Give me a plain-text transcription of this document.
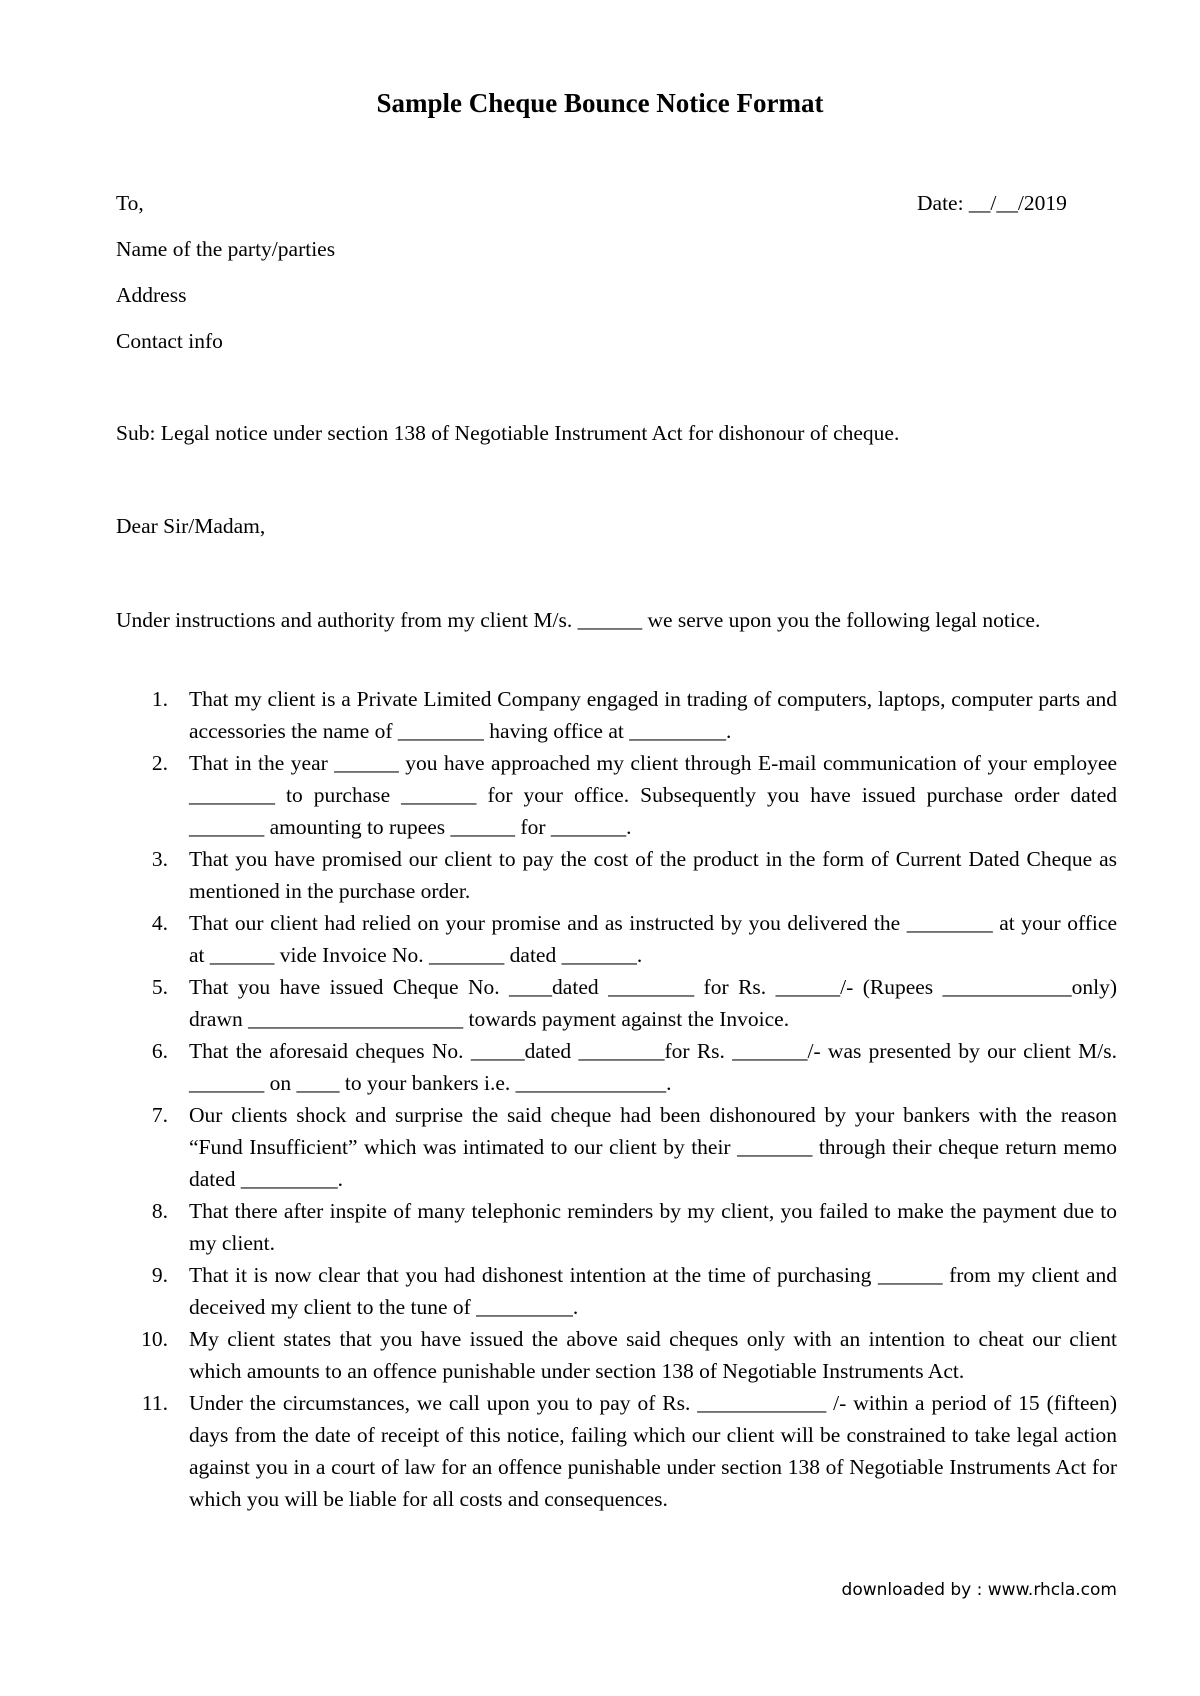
Sample Cheque Bounce Notice Format
To,	Date: __/__/2019
Name of the party/parties
Address
Contact info
Sub: Legal notice under section 138 of Negotiable Instrument Act for dishonour of cheque.
Dear Sir/Madam,
Under instructions and authority from my client M/s. ______ we serve upon you the following legal notice.
1. That my client is a Private Limited Company engaged in trading of computers, laptops, computer parts and accessories the name of ________ having office at _________.
2. That in the year ______ you have approached my client through E-mail communication of your employee ________ to purchase _______ for your office. Subsequently you have issued purchase order dated _______ amounting to rupees ______ for _______.
3. That you have promised our client to pay the cost of the product in the form of Current Dated Cheque as mentioned in the purchase order.
4. That our client had relied on your promise and as instructed by you delivered the ________ at your office at ______ vide Invoice No. _______ dated _______.
5. That you have issued Cheque No. ____dated ________ for Rs. ______/- (Rupees ____________only) drawn ____________________ towards payment against the Invoice.
6. That the aforesaid cheques No. _____dated ________for Rs. _______/- was presented by our client M/s. _______ on ____ to your bankers i.e. ______________.
7. Our clients shock and surprise the said cheque had been dishonoured by your bankers with the reason “Fund Insufficient” which was intimated to our client by their _______ through their cheque return memo dated _________.
8. That there after inspite of many telephonic reminders by my client, you failed to make the payment due to my client.
9. That it is now clear that you had dishonest intention at the time of purchasing ______ from my client and deceived my client to the tune of _________.
10. My client states that you have issued the above said cheques only with an intention to cheat our client which amounts to an offence punishable under section 138 of Negotiable Instruments Act.
11. Under the circumstances, we call upon you to pay of Rs. ____________ /- within a period of 15 (fifteen) days from the date of receipt of this notice, failing which our client will be constrained to take legal action against you in a court of law for an offence punishable under section 138 of Negotiable Instruments Act for which you will be liable for all costs and consequences.
downloaded by : www.rhcla.com
